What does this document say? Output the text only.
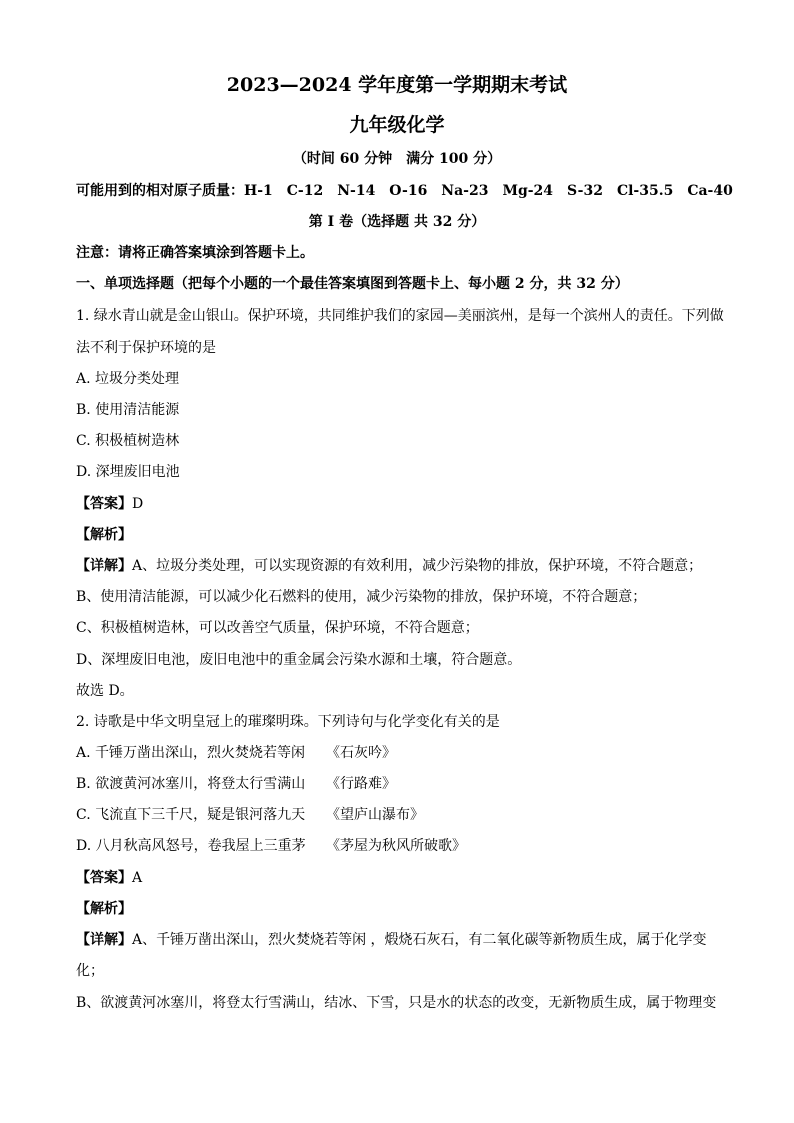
2023—2024 学年度第一学期期末考试
九年级化学
（时间 60 分钟　满分 100 分）
可能用到的相对原子质量：H-1　C-12　N-14　O-16　Na-23　Mg-24　S-32　Cl-35.5　Ca-40
第 I 卷（选择题 共 32 分）
注意：请将正确答案填涂到答题卡上。
一、单项选择题（把每个小题的一个最佳答案填图到答题卡上、每小题 2 分，共 32 分）
1. 绿水青山就是金山银山。保护环境，共同维护我们的家园—美丽滨州，是每一个滨州人的责任。下列做
法不利于保护环境的是
A. 垃圾分类处理
B. 使用清洁能源
C. 积极植树造林
D. 深埋废旧电池
【答案】D
【解析】
【详解】A、垃圾分类处理，可以实现资源的有效利用，减少污染物的排放，保护环境，不符合题意；
B、使用清洁能源，可以减少化石燃料的使用，减少污染物的排放，保护环境，不符合题意；
C、积极植树造林，可以改善空气质量，保护环境，不符合题意；
D、深埋废旧电池，废旧电池中的重金属会污染水源和土壤，符合题意。
故选 D。
2. 诗歌是中华文明皇冠上的璀璨明珠。下列诗句与化学变化有关的是
A. 千锤万凿出深山，烈火焚烧若等闲 《石灰吟》
B. 欲渡黄河冰塞川，将登太行雪满山 《行路难》
C. 飞流直下三千尺，疑是银河落九天 《望庐山瀑布》
D. 八月秋高风怒号，卷我屋上三重茅 《茅屋为秋风所破歌》
【答案】A
【解析】
【详解】A、千锤万凿出深山，烈火焚烧若等闲 ，煅烧石灰石，有二氧化碳等新物质生成，属于化学变
化；
B、欲渡黄河冰塞川，将登太行雪满山，结冰、下雪，只是水的状态的改变，无新物质生成，属于物理变
